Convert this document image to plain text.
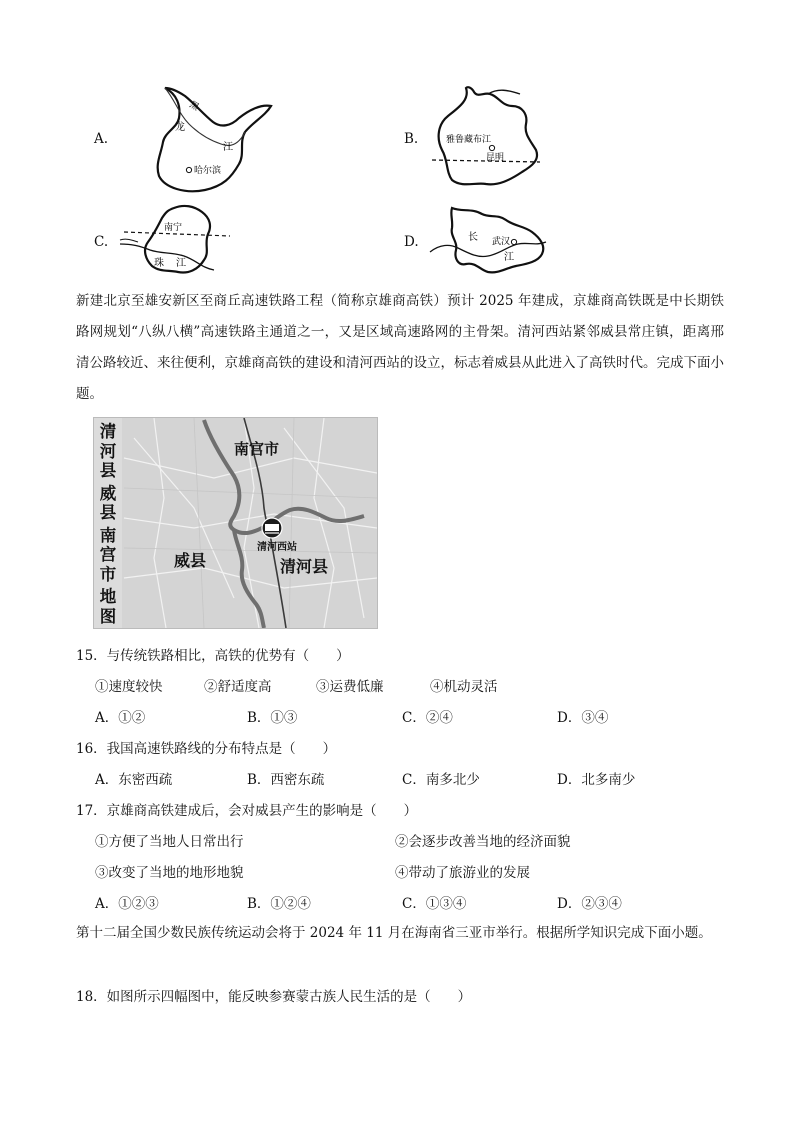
A.
黑
龙
江
哈尔滨
B.	雅鲁藏布江
昆明
C.
南宁
珠 江
D.	长 武汉
江
新建北京至雄安新区至商丘高速铁路工程（简称京雄商高铁）预计 2025 年建成，京雄商高铁既是中长期铁路网规划“八纵八横”高速铁路主通道之一，又是区域高速路网的主骨架。清河西站紧邻威县常庄镇，距离邢清公路较近、来往便利，京雄商高铁的建设和清河西站的设立，标志着威县从此进入了高铁时代。完成下面小题。
南宫市
清河西站
威县	清河县
清
河
县
威
县
南
宫
市
地
图
15．与传统铁路相比，高铁的优势有（　　）
①速度较快	②舒适度高	③运费低廉	④机动灵活
A．①②	B．①③	C．②④	D．③④
16．我国高速铁路线的分布特点是（　　）
A．东密西疏	B．西密东疏	C．南多北少	D．北多南少
17．京雄商高铁建成后，会对威县产生的影响是（　　）
①方便了当地人日常出行	②会逐步改善当地的经济面貌
③改变了当地的地形地貌	④带动了旅游业的发展
A．①②③	B．①②④	C．①③④	D．②③④
第十二届全国少数民族传统运动会将于 2024 年 11 月在海南省三亚市举行。根据所学知识完成下面小题。
18．如图所示四幅图中，能反映参赛蒙古族人民生活的是（　　）
